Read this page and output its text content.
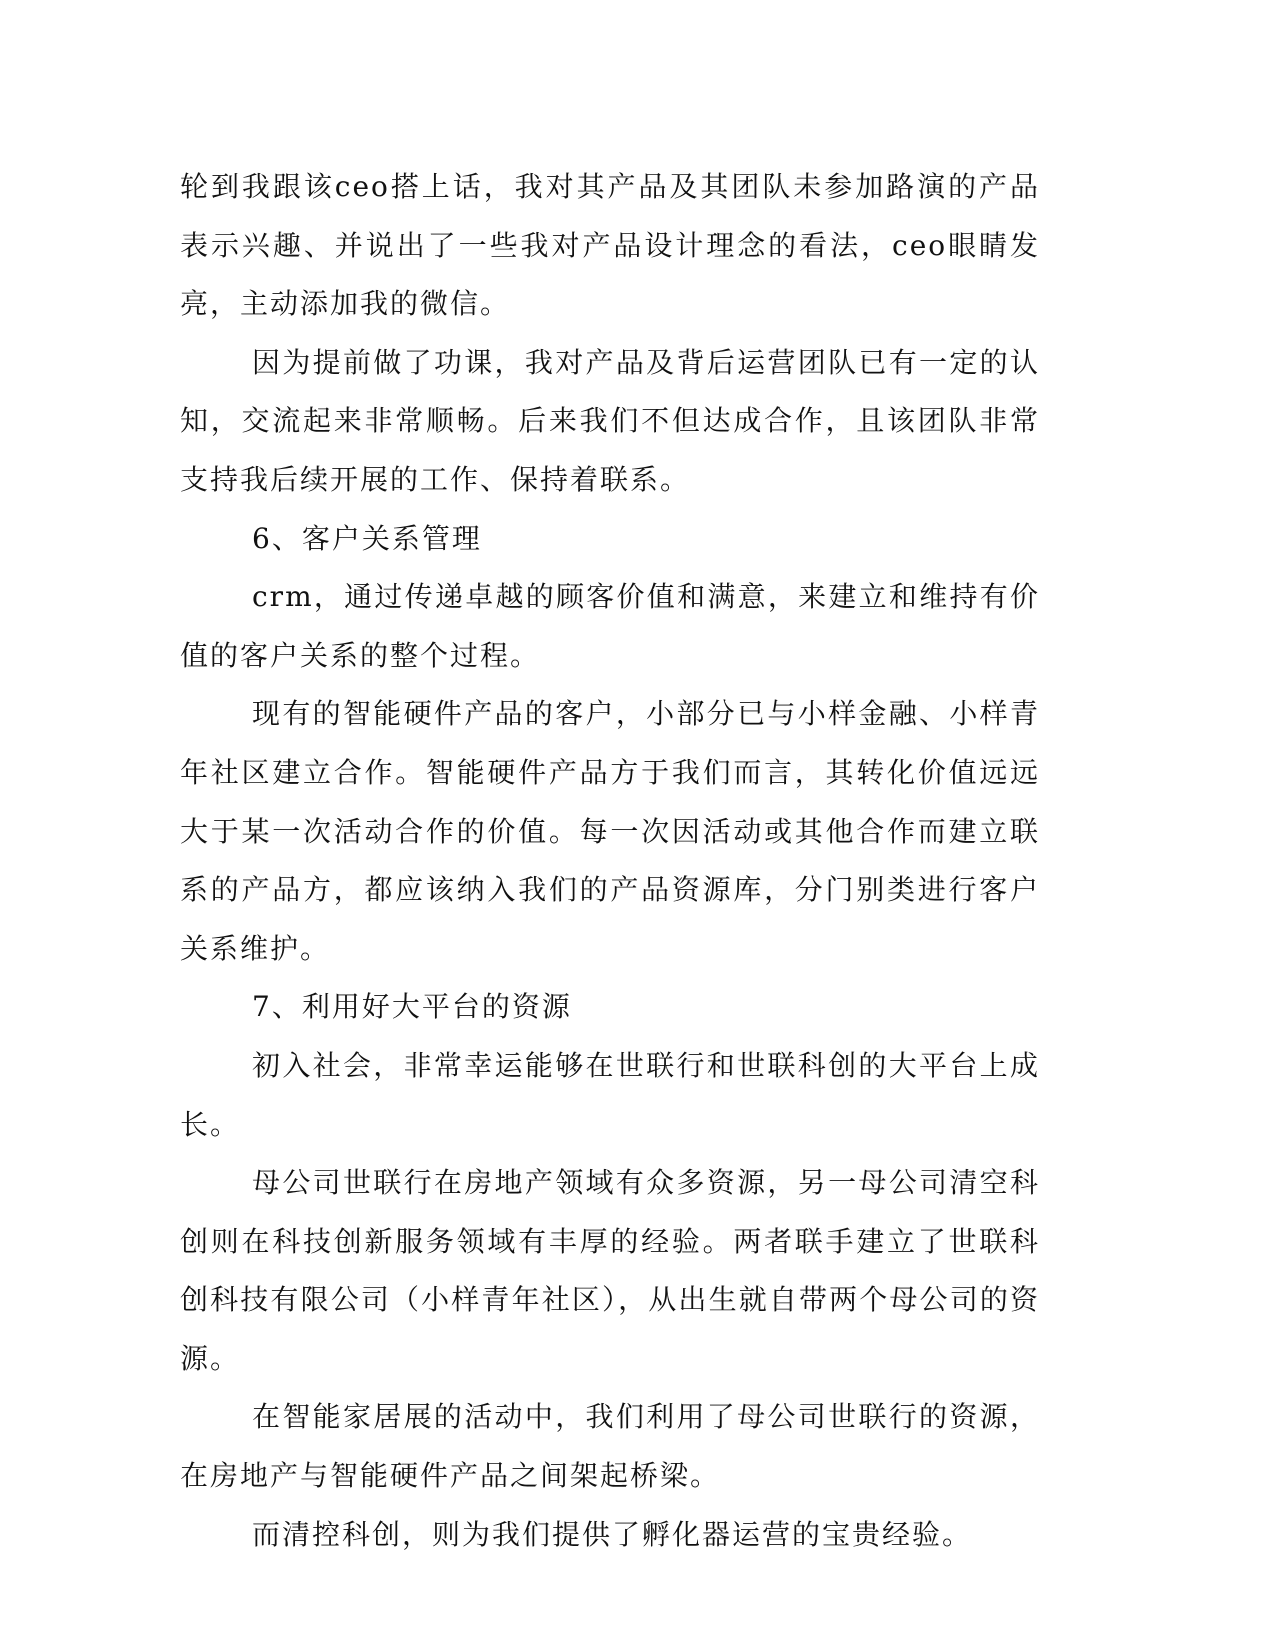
轮到我跟该ceo搭上话，我对其产品及其团队未参加路演的产品表示兴趣、并说出了一些我对产品设计理念的看法，ceo眼睛发亮，主动添加我的微信。

因为提前做了功课，我对产品及背后运营团队已有一定的认知，交流起来非常顺畅。后来我们不但达成合作，且该团队非常支持我后续开展的工作、保持着联系。

6、客户关系管理

crm，通过传递卓越的顾客价值和满意，来建立和维持有价值的客户关系的整个过程。

现有的智能硬件产品的客户，小部分已与小样金融、小样青年社区建立合作。智能硬件产品方于我们而言，其转化价值远远大于某一次活动合作的价值。每一次因活动或其他合作而建立联系的产品方，都应该纳入我们的产品资源库，分门别类进行客户关系维护。

7、利用好大平台的资源

初入社会，非常幸运能够在世联行和世联科创的大平台上成长。

母公司世联行在房地产领域有众多资源，另一母公司清空科创则在科技创新服务领域有丰厚的经验。两者联手建立了世联科创科技有限公司（小样青年社区），从出生就自带两个母公司的资源。

在智能家居展的活动中，我们利用了母公司世联行的资源，在房地产与智能硬件产品之间架起桥梁。

而清控科创，则为我们提供了孵化器运营的宝贵经验。
